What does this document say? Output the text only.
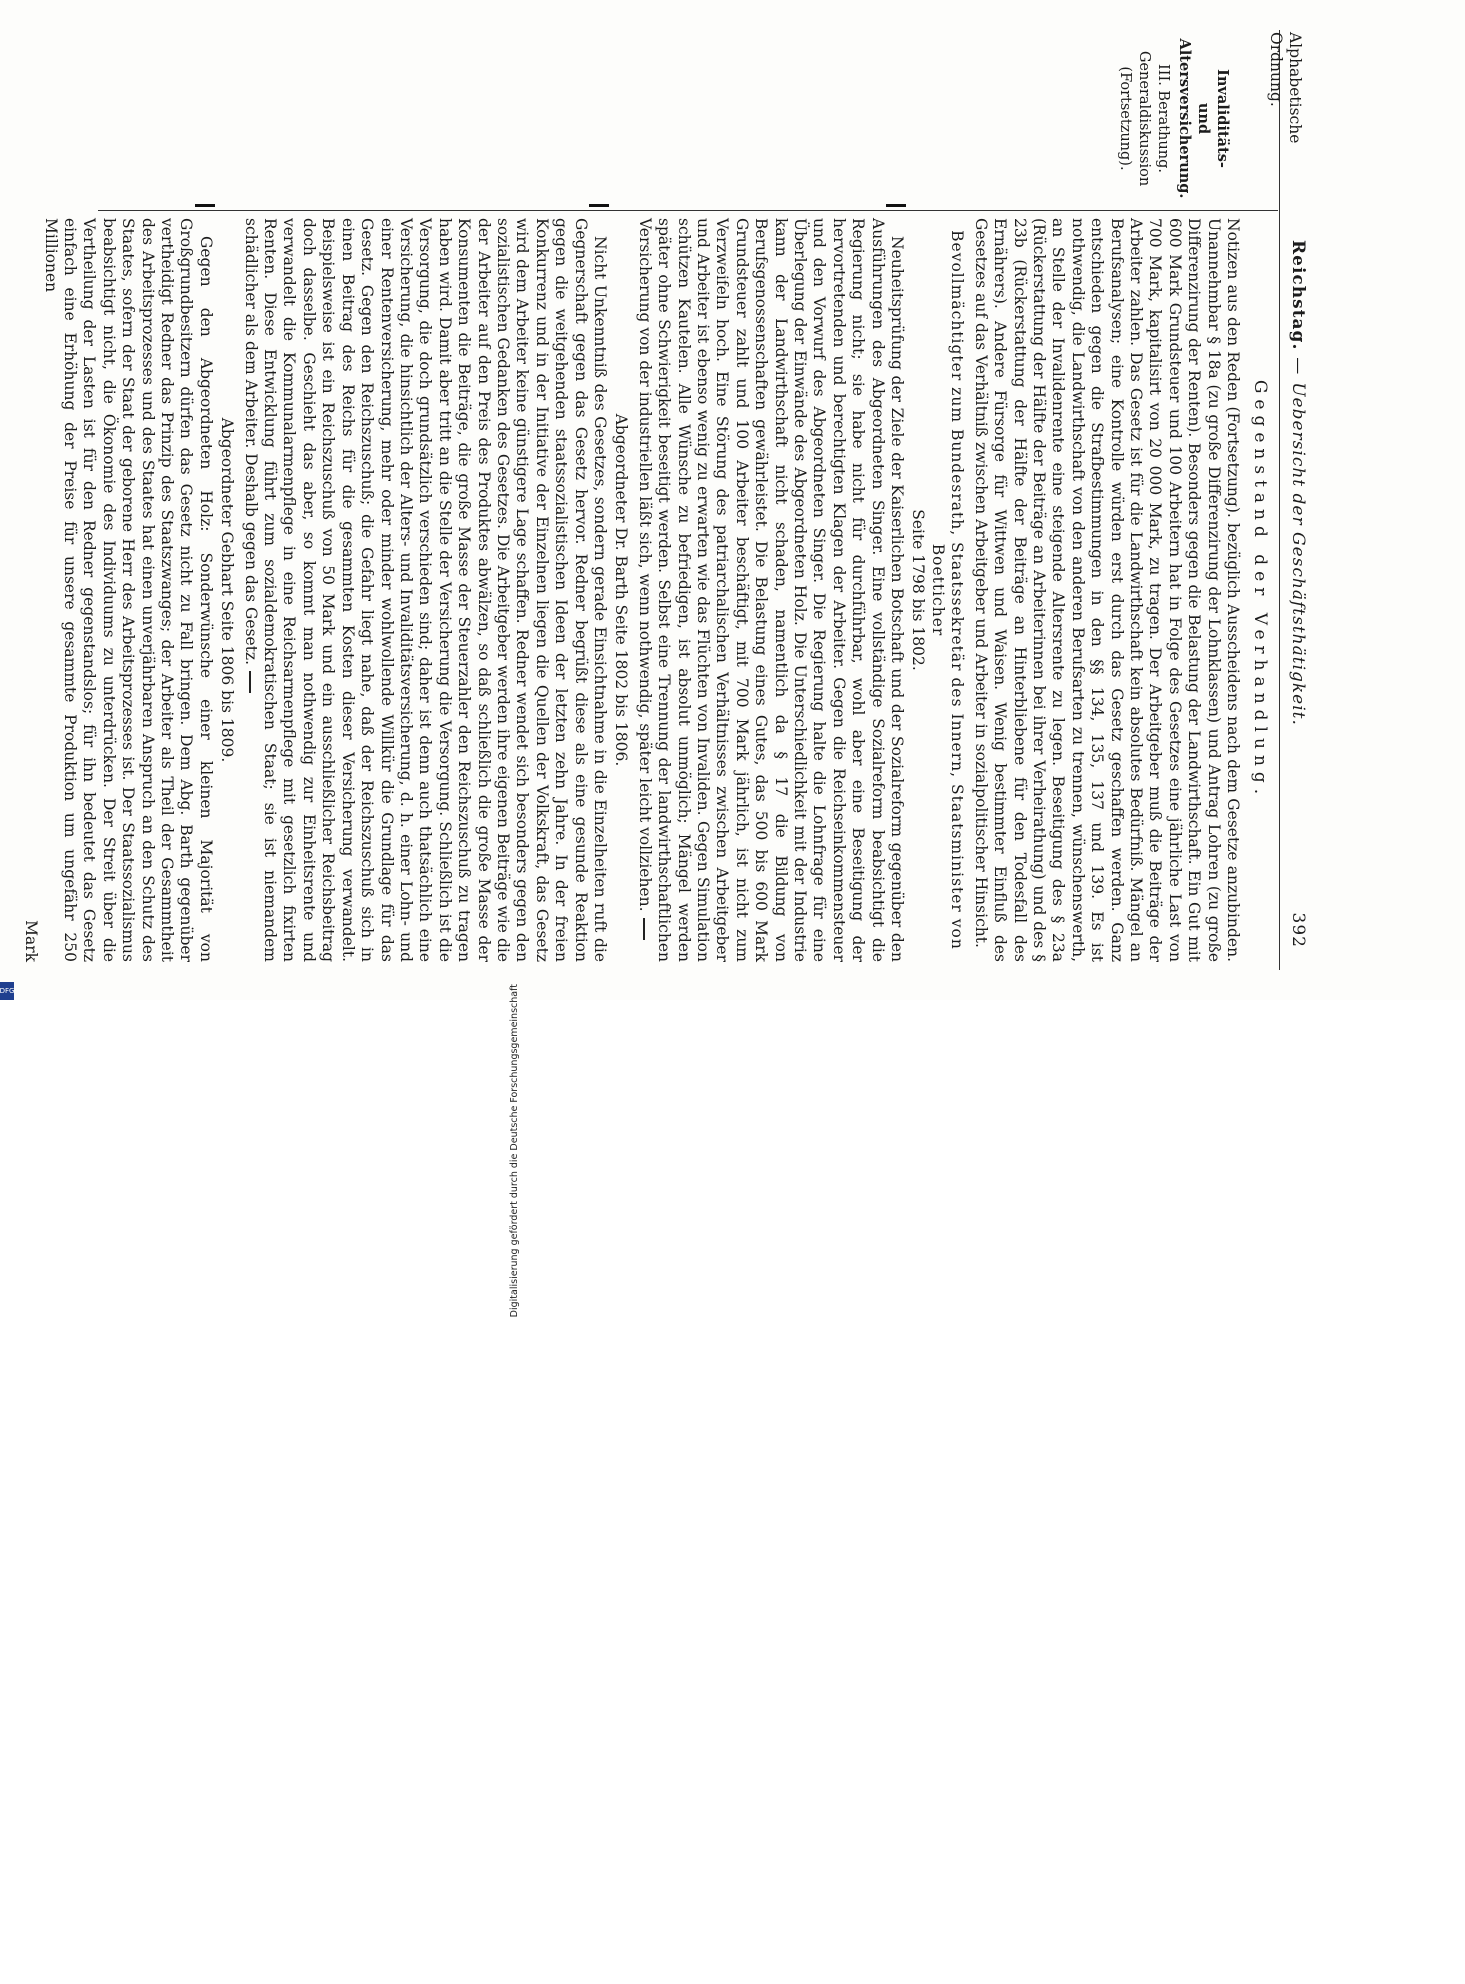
392
Reichstag. — Uebersicht der Geschäftsthätigkeit.
Alphabetische Ordnung.
Invaliditäts-
und
Altersversicherung.
III. Berathung.
Generaldiskussion
(Fortsetzung).
Gegenstand der Verhandlung.

Notizen aus den Reden (Fortsetzung). bezüglich Ausscheidens nach dem Gesetze anzubinden. Unannehmbar § 18a (zu große Differenzirung der Lohnklassen) und Antrag Lohren (zu große Differenzirung der Renten). Besonders gegen die Belastung der Landwirthschaft. Ein Gut mit 600 Mark Grundsteuer und 100 Arbeitern hat in Folge des Gesetzes eine jährliche Last von 700 Mark, kapitalisirt von 20 000 Mark, zu tragen. Der Arbeitgeber muß die Beiträge der Arbeiter zahlen. Das Gesetz ist für die Landwirthschaft kein absolutes Bedürfniß. Mängel an Berufsanalysen; eine Kontrolle würden erst durch das Gesetz geschaffen werden. Ganz entschieden gegen die Strafbestimmungen in den §§ 134, 135, 137 und 139. Es ist nothwendig, die Landwirthschaft von den anderen Berufsarten zu trennen, wünschenswerth, an Stelle der Invalidenrente eine steigende Altersrente zu legen. Beseitigung des § 23a (Rückerstattung der Hälfte der Beiträge an Arbeiterinnen bei ihrer Verheirathung) und des § 23b (Rückerstattung der Hälfte der Beiträge an Hinterbliebene für den Todesfall des Ernährers). Andere Fürsorge für Wittwen und Waisen. Wenig bestimmter Einfluß des Gesetzes auf das Verhältniß zwischen Arbeitgeber und Arbeiter in sozialpolitischer Hinsicht.

Bevollmächtigter zum Bundesrath, Staatssekretär des Innern, Staatsminister von Boetticher
Seite 1798 bis 1802.

Neuheitsprüfung der Ziele der Kaiserlichen Botschaft und der Sozialreform gegenüber den Ausführungen des Abgeordneten Singer. Eine vollständige Sozialreform beabsichtigt die Regierung nicht; sie habe nicht für durchführbar, wohl aber eine Beseitigung der hervortretenden und berechtigten Klagen der Arbeiter. Gegen die Reichseinkommensteuer und den Vorwurf des Abgeordneten Singer. Die Regierung halte die Lohnfrage für eine Überlegung der Einwände des Abgeordneten Holz. Die Unterschiedlichkeit mit der Industrie kann der Landwirthschaft nicht schaden, namentlich da § 17 die Bildung von Berufsgenossenschaften gewährleistet. Die Belastung eines Gutes, das 500 bis 600 Mark Grundsteuer zahlt und 100 Arbeiter beschäftigt, mit 700 Mark jährlich, ist nicht zum Verzweifeln hoch. Eine Störung des patriarchalischen Verhältnisses zwischen Arbeitgeber und Arbeiter ist ebenso wenig zu erwarten wie das Flüchten von Invaliden. Gegen Simulation schützen Kautelen. Alle Wünsche zu befriedigen, ist absolut unmöglich; Mängel werden später ohne Schwierigkeit beseitigt werden. Selbst eine Trennung der landwirthschaftlichen Versicherung von der industriellen läßt sich, wenn nothwendig, später leicht vollziehen.

Abgeordneter Dr. Barth Seite 1802 bis 1806.

Nicht Unkenntniß des Gesetzes, sondern gerade Einsichtnahme in die Einzelheiten ruft die Gegnerschaft gegen das Gesetz hervor. Redner begrüßt diese als eine gesunde Reaktion gegen die weitgehenden staatssozialistischen Ideen der letzten zehn Jahre. In der freien Konkurrenz und in der Initiative der Einzelnen liegen die Quellen der Volkskraft, das Gesetz wird dem Arbeiter keine günstigere Lage schaffen. Redner wendet sich besonders gegen den sozialistischen Gedanken des Gesetzes. Die Arbeitgeber werden ihre eigenen Beiträge wie die der Arbeiter auf den Preis des Produktes abwälzen, so daß schließlich die große Masse der Konsumenten die Beiträge, die große Masse der Steuerzahler den Reichszuschuß zu tragen haben wird. Damit aber tritt an die Stelle der Versicherung die Versorgung. Schließlich ist die Versorgung, die doch grundsätzlich verschieden sind; daher ist denn auch thatsächlich eine Versicherung, die hinsichtlich der Alters- und Invaliditätsversicherung, d. h. einer Lohn- und einer Rentenversicherung, mehr oder minder wohlwollende Willkür die Grundlage für das Gesetz. Gegen den Reichszuschuß; die Gefahr liegt nahe, daß der Reichszuschuß sich in einen Beitrag des Reichs für die gesammten Kosten dieser Versicherung verwandelt. Beispielsweise ist ein Reichszuschuß von 50 Mark und ein ausschließlicher Reichsbeitrag doch dasselbe. Geschieht das aber, so kommt man nothwendig zur Einheitsrente und verwandelt die Kommunalarmenpflege in eine Reichsarmenpflege mit gesetzlich fixirten Renten. Diese Entwicklung führt zum sozialdemokratischen Staat; sie ist niemandem schädlicher als dem Arbeiter. Deshalb gegen das Gesetz.

Abgeordneter Gebhart Seite 1806 bis 1809.

Gegen den Abgeordneten Holz: Sonderwünsche einer kleinen Majorität von Großgrundbesitzern dürfen das Gesetz nicht zu Fall bringen. Dem Abg. Barth gegenüber vertheidigt Redner das Prinzip des Staatszwanges; der Arbeiter als Theil der Gesammtheit des Arbeitsprozesses und des Staates hat einen unverjährbaren Anspruch an den Schutz des Staates, sofern der Staat der geborene Herr des Arbeitsprozesses ist. Der Staatssozialismus beabsichtigt nicht, die Ökonomie des Individuums zu unterdrücken. Der Streit über die Vertheilung der Lasten ist für den Redner gegenstandslos; für ihn bedeutet das Gesetz einfach eine Erhöhung der Preise für unsere gesammte Produktion um ungefähr 250 Millionen

Mark
Digitalisierung gefördert durch die Deutsche Forschungsgemeinschaft
DFG
